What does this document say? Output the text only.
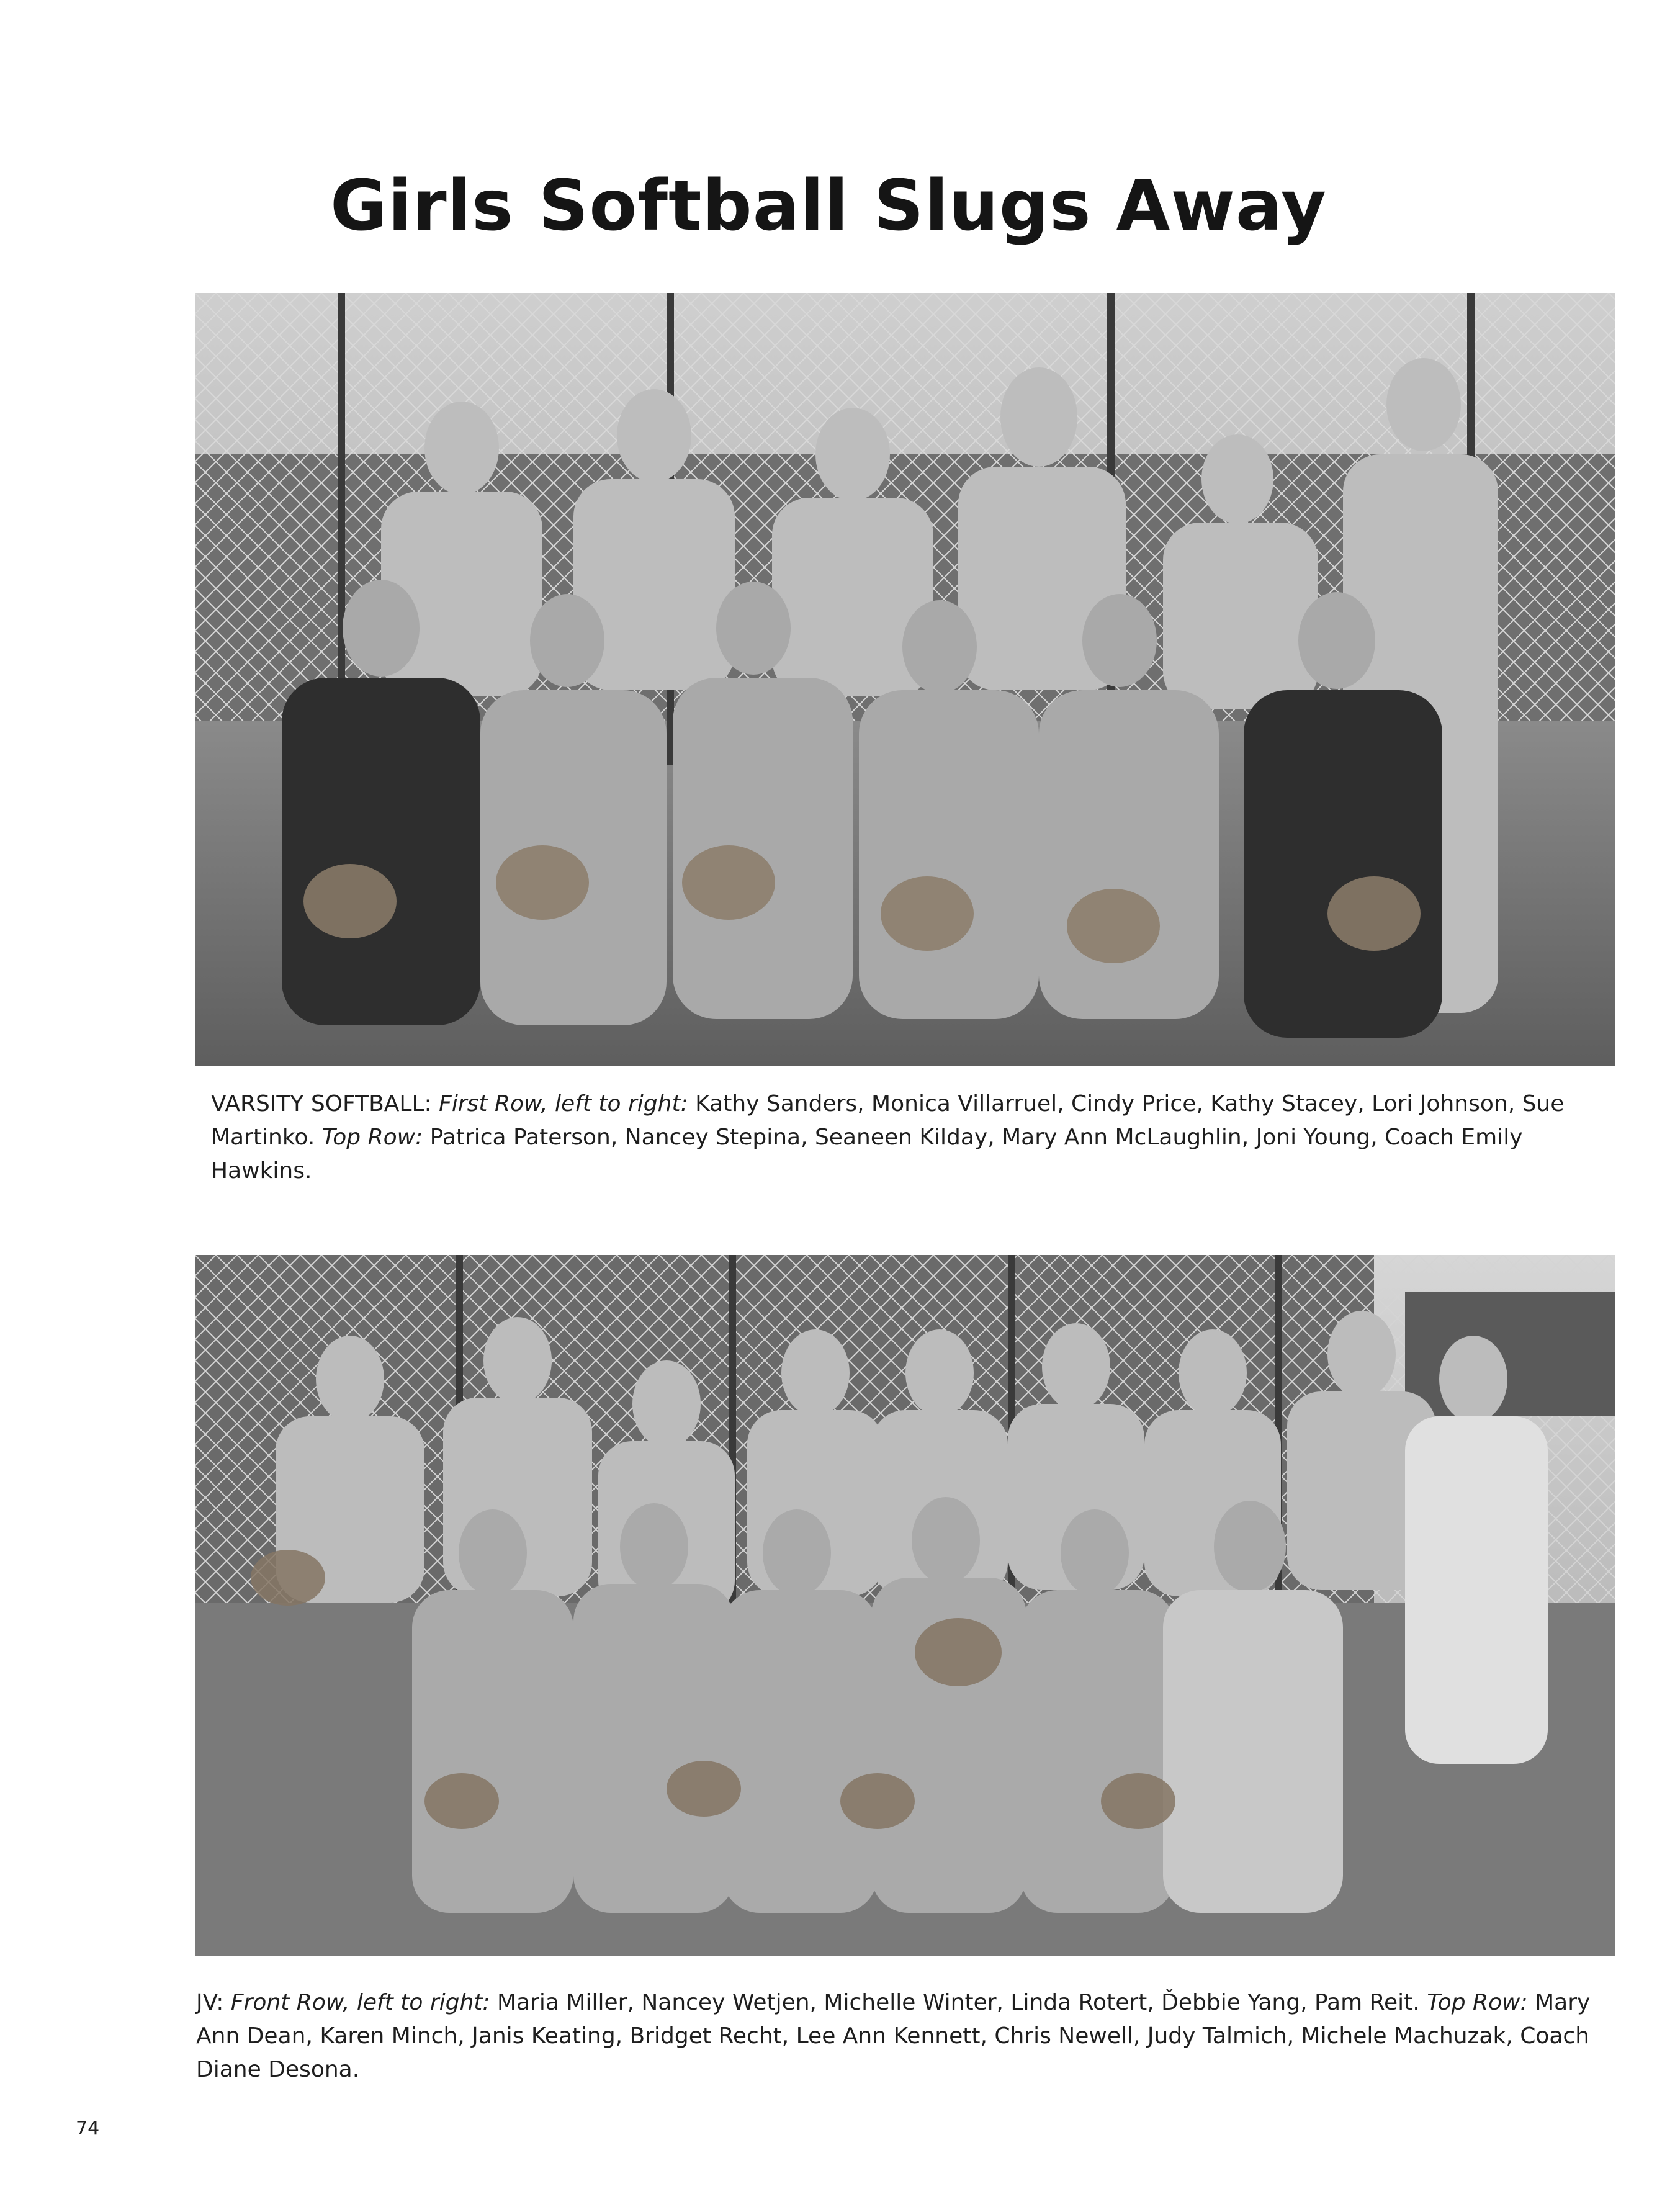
Girls Softball Slugs Away
VARSITY SOFTBALL: First Row, left to right: Kathy Sanders, Monica Villarruel, Cindy Price, Kathy Stacey, Lori Johnson, Sue Martinko. Top Row: Patrica Paterson, Nancey Stepina, Seaneen Kilday, Mary Ann McLaughlin, Joni Young, Coach Emily Hawkins.
JV: Front Row, left to right: Maria Miller, Nancey Wetjen, Michelle Winter, Linda Rotert, Ďebbie Yang, Pam Reit. Top Row: Mary Ann Dean, Karen Minch, Janis Keating, Bridget Recht, Lee Ann Kennett, Chris Newell, Judy Talmich, Michele Machuzak, Coach Diane Desona.
74
